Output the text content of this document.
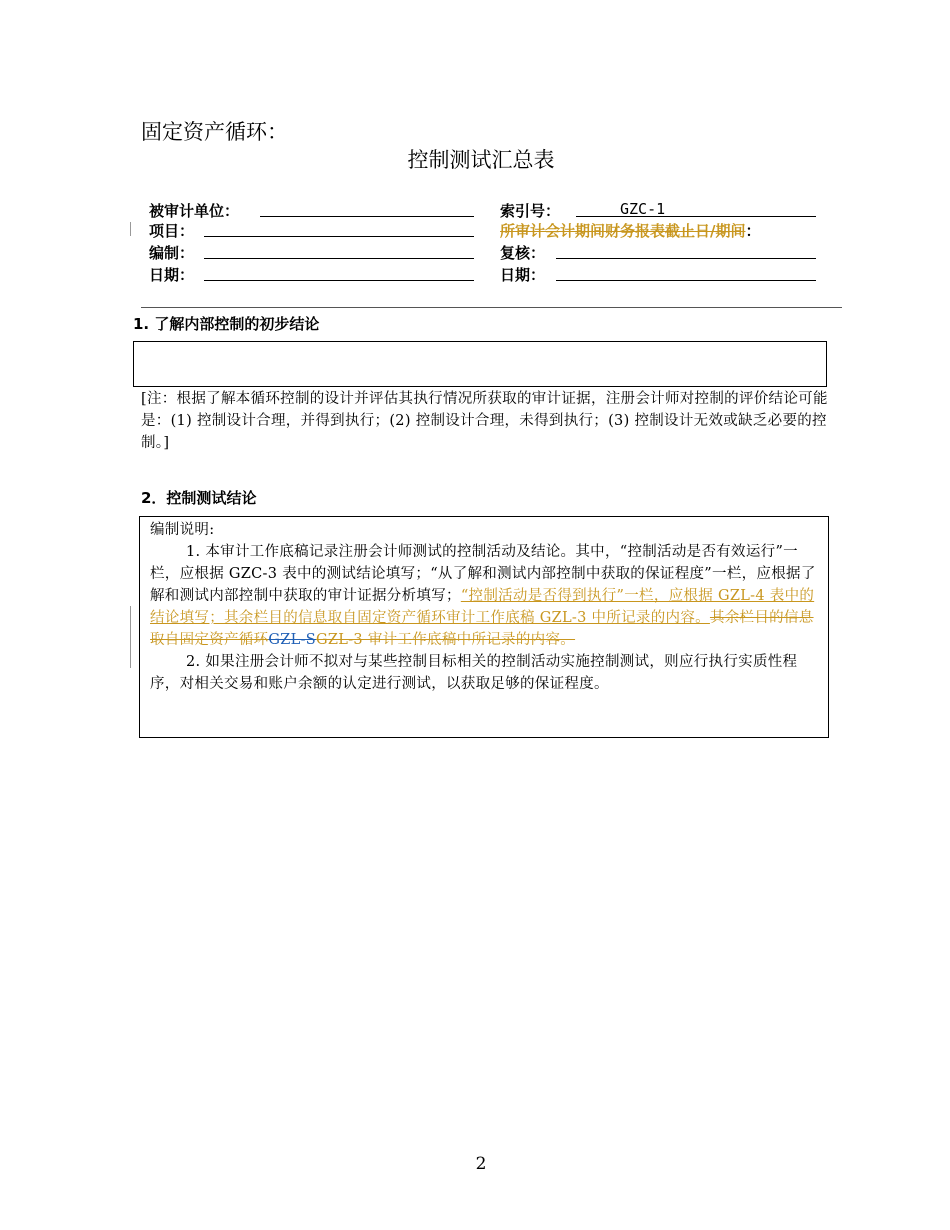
固定资产循环：
控制测试汇总表
被审计单位：	索引号：	GZC-1
项目：	所审计会计期间财务报表截止日/期间：
编制：	复核：
日期：	日期：
1. 了解内部控制的初步结论
[注：根据了解本循环控制的设计并评估其执行情况所获取的审计证据，注册会计师对控制的评价结论可能是：(1) 控制设计合理，并得到执行；(2) 控制设计合理，未得到执行；(3) 控制设计无效或缺乏必要的控制。]
2．控制测试结论
编制说明:
1. 本审计工作底稿记录注册会计师测试的控制活动及结论。其中，“控制活动是否有效运行”一栏，应根据 GZC-3 表中的测试结论填写；“从了解和测试内部控制中获取的保证程度”一栏，应根据了解和测试内部控制中获取的审计证据分析填写；“控制活动是否得到执行”一栏，应根据 GZL-4 表中的结论填写；其余栏目的信息取自固定资产循环审计工作底稿 GZL-3 中所记录的内容。其余栏目的信息取自固定资产循环GZL-SGZL-3 审计工作底稿中所记录的内容。
2. 如果注册会计师不拟对与某些控制目标相关的控制活动实施控制测试，则应行执行实质性程序，对相关交易和账户余额的认定进行测试，以获取足够的保证程度。
2
